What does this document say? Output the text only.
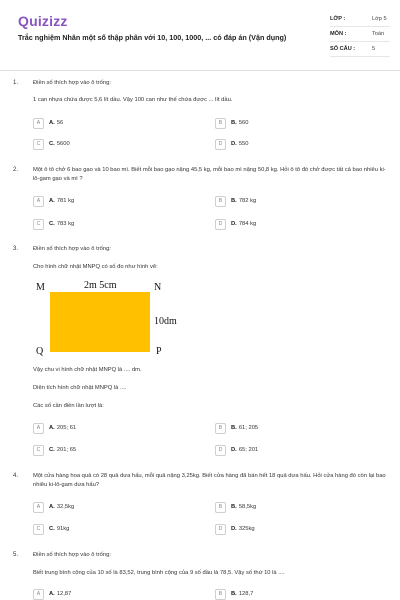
Quizizz
Trắc nghiệm Nhân một số thập phân với 10, 100, 1000, ... có đáp án (Vận dụng)
LỚP :	Lớp 5
MÔN :	Toán
SỐ CÂU :	5
1.	Điền số thích hợp vào ô trống:
1 can nhựa chứa được 5,6 lít dầu. Vậy 100 can như thế chứa được ... lít dầu.
A	A. 56	B	B. 560
C	C. 5600	D	D. 550
2.	Một ô tô chở 6 bao gạo và 10 bao mì. Biết mỗi bao gạo nặng 45,5 kg, mỗi bao mì nặng 50,8 kg. Hỏi ô tô đó chở được tất cả bao nhiêu ki-lô-gam gạo và mì ?
A	A. 781 kg	B	B. 782 kg
C	C. 783 kg	D	D. 784 kg
3.	Điền số thích hợp vào ô trống:
Cho hình chữ nhật MNPQ có số đo như hình vẽ:
M	N
Q	P
2m 5cm
10dm
Vậy chu vi hình chữ nhật MNPQ là .... dm.
Diện tích hình chữ nhật MNPQ là ....
Các số cần điền lần lượt là:
A	A. 205; 61	B	B. 61; 205
C	C. 201; 65	D	D. 65; 201
4.	Một cửa hàng hoa quả có 28 quả dưa hấu, mỗi quả nặng 3,25kg. Biết cửa hàng đã bán hết 18 quả dưa hấu. Hỏi cửa hàng đó còn lại bao nhiêu ki-lô-gam dưa hấu?
A	A. 32,5kg	B	B. 58,5kg
C	C. 91kg	D	D. 325kg
5.	Điền số thích hợp vào ô trống:
Biết trung bình cộng của 10 số là 83,52, trung bình cộng của 9 số đầu là 78,5. Vậy số thứ 10 là ....
A	A. 12,87	B	B. 128,7
